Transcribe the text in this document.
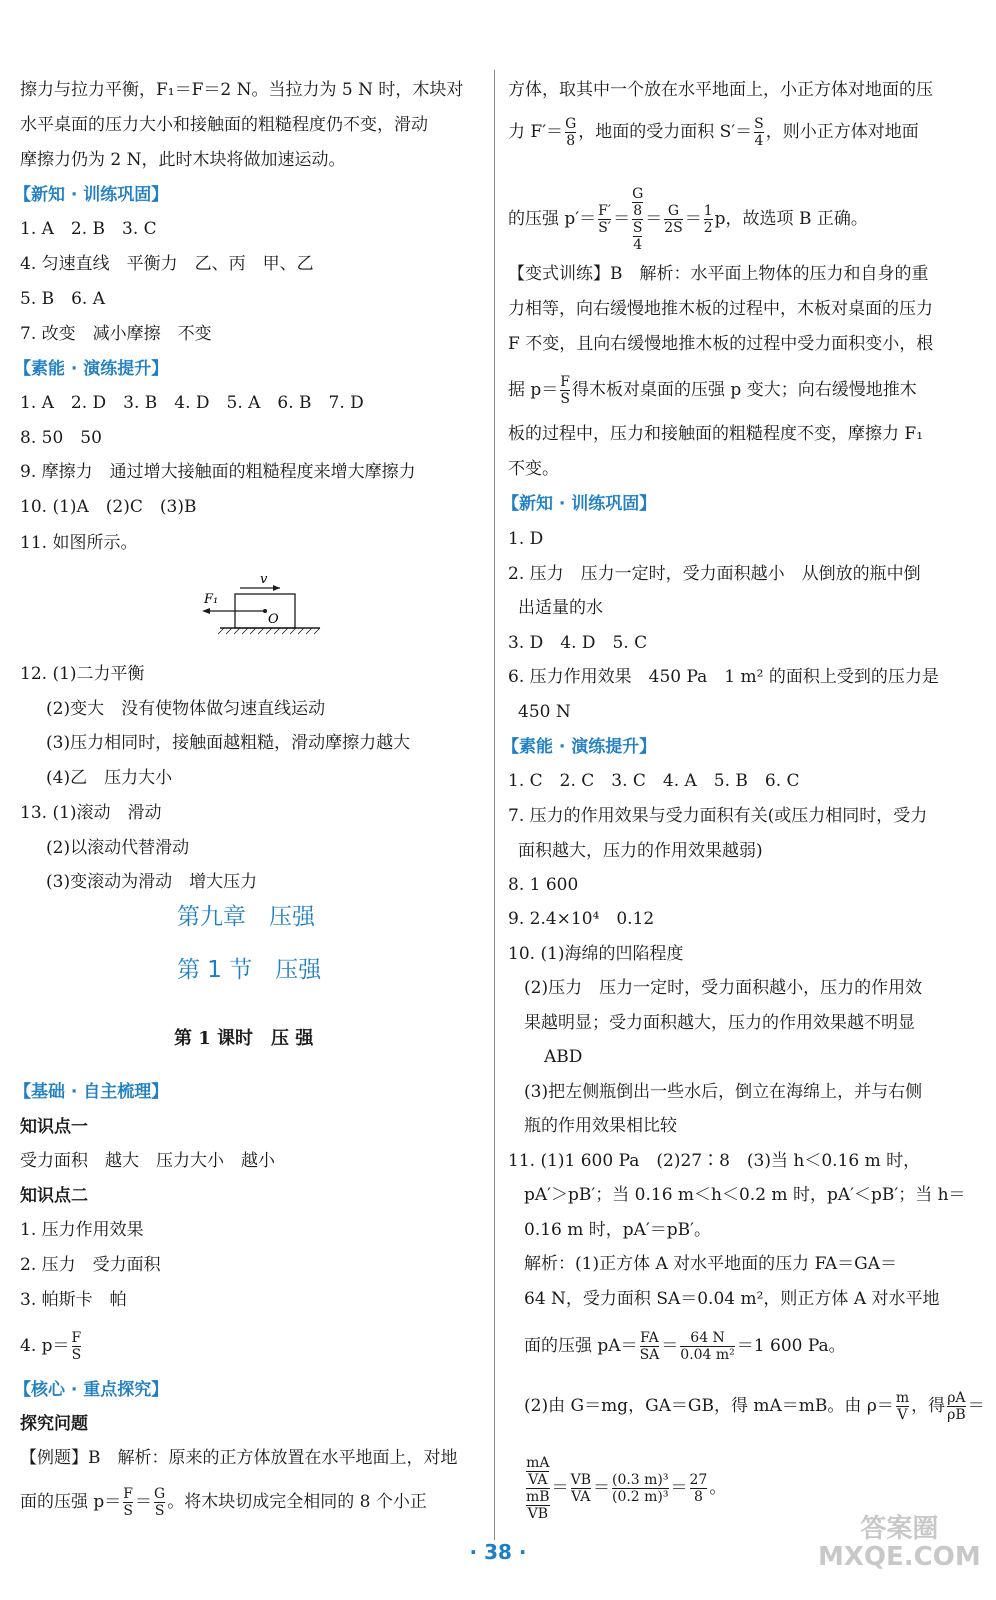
擦力与拉力平衡，F₁＝F＝2 N。当拉力为 5 N 时，木块对
水平桌面的压力大小和接触面的粗糙程度仍不变，滑动
摩擦力仍为 2 N，此时木块将做加速运动。
【新知 · 训练巩固】
1. A　2. B　3. C
4. 匀速直线　平衡力　乙、丙　甲、乙
5. B　6. A
7. 改变　减小摩擦　不变
【素能 · 演练提升】
1. A　2. D　3. B　4. D　5. A　6. B　7. D
8. 50　50
9. 摩擦力　通过增大接触面的粗糙程度来增大摩擦力
10. (1)A　(2)C　(3)B
11. 如图所示。
v
F₁
O
12. (1)二力平衡
(2)变大　没有使物体做匀速直线运动
(3)压力相同时，接触面越粗糙，滑动摩擦力越大
(4)乙　压力大小
13. (1)滚动　滑动
(2)以滚动代替滑动
(3)变滚动为滑动　增大压力
第九章　压强
第 1 节　压强
第 1 课时　压 强
【基础 · 自主梳理】
知识点一
受力面积　越大　压力大小　越小
知识点二
1. 压力作用效果
2. 压力　受力面积
3. 帕斯卡　帕
4. $p= \frac{F}{S}$
【核心 · 重点探究】
探究问题
【例题】B　解析：原来的正方体放置在水平地面上，对地
面的压强 $p= \frac{F}{S} = \frac{G}{S}$ 。将木块切成完全相同的 8 个小正
方体，取其中一个放在水平地面上，小正方体对地面的压
力 $F'= \frac{G}{8}$ ，地面的受力面积 $S'= \frac{S}{4}$ ，则小正方体对地面
的压强 $p'= \frac{F'}{S'} = \frac{\frac{G}{8}}{\frac{S}{4}} = \frac{G}{2S} = \frac{1}{2}$ p，故选项 B 正确。
【变式训练】B　解析：水平面上物体的压力和自身的重
力相等，向右缓慢地推木板的过程中，木板对桌面的压力
F 不变，且向右缓慢地推木板的过程中受力面积变小，根
据 $p= \frac{F}{S}$ 得木板对桌面的压强 p 变大；向右缓慢地推木
板的过程中，压力和接触面的粗糙程度不变，摩擦力 F₁
不变。
【新知 · 训练巩固】
1. D
2. 压力　压力一定时，受力面积越小　从倒放的瓶中倒
出适量的水
3. D　4. D　5. C
6. 压力作用效果　450 Pa　1 m² 的面积上受到的压力是
450 N
【素能 · 演练提升】
1. C　2. C　3. C　4. A　5. B　6. C
7. 压力的作用效果与受力面积有关(或压力相同时，受力
面积越大，压力的作用效果越弱)
8. 1 600
9. 2.4×10⁴　0.12
10. (1)海绵的凹陷程度
(2)压力　压力一定时，受力面积越小，压力的作用效
果越明显；受力面积越大，压力的作用效果越不明显
ABD
(3)把左侧瓶倒出一些水后，倒立在海绵上，并与右侧
瓶的作用效果相比较
11. (1)1 600 Pa　(2)27∶8　(3)当 h＜0.16 m 时，
pA′＞pB′；当 0.16 m＜h＜0.2 m 时，pA′＜pB′；当 h＝
0.16 m 时，pA′＝pB′。
解析：(1)正方体 A 对水平地面的压力 FA＝GA＝
64 N，受力面积 SA＝0.04 m²，则正方体 A 对水平地
面的压强 $pA= \frac{FA}{SA} = \frac{64 N}{\text{0.04 m²}} =1$ 600 Pa。
(2)由 G＝mg，GA＝GB，得 mA＝mB。由 $\rho= \frac{m}{V}$ ，得 $\frac{\rho A}{\rho B}$ ＝
$\frac{\frac{mA}{VA}}{\frac{mB}{VB}} = \frac{VB}{VA} = \frac{\text{(0.3 m)³}}{\text{(0.2 m)³}} = \frac{27}{8}$ 。
· 38 ·
答案圈
MXQE.COM
